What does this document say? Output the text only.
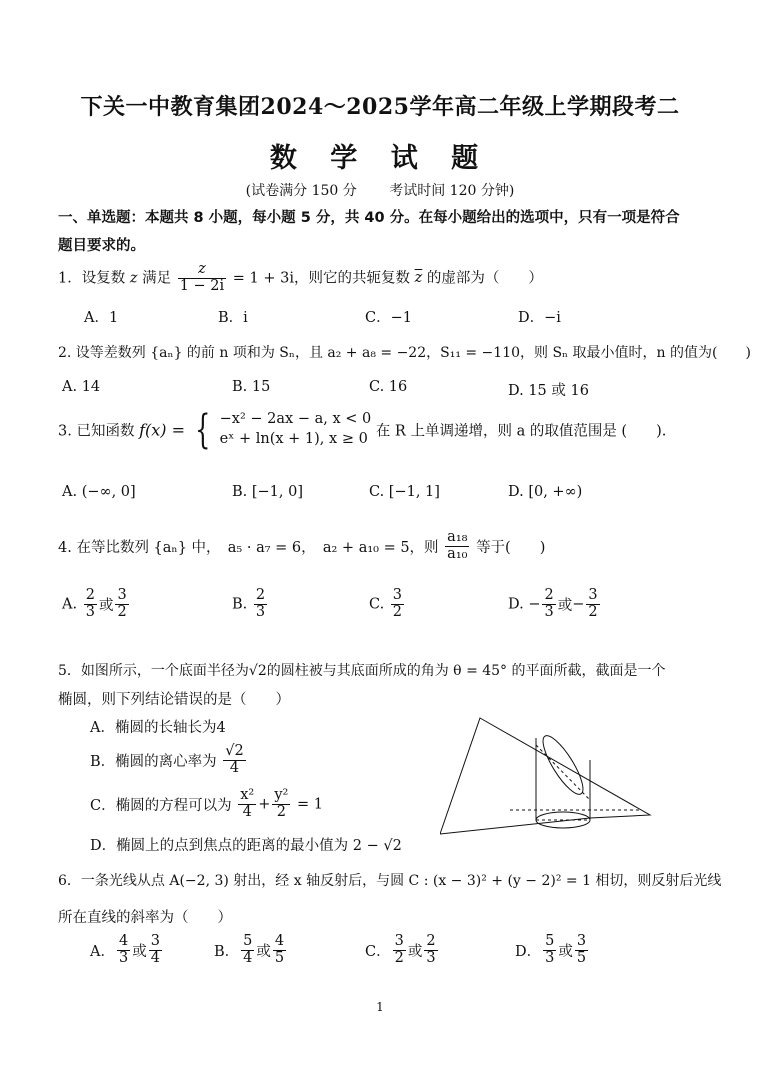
下关一中教育集团2024～2025学年高二年级上学期段考二
数 学 试 题
(试卷满分 150 分 考试时间 120 分钟)
一、单选题：本题共 8 小题，每小题 5 分，共 40 分。在每小题给出的选项中，只有一项是符合
题目要求的。
1．设复数 z 满足 $\frac{z}{1 - 2i} = 1 + 3i$，则它的共轭复数 $\overline{z}$ 的虚部为（　　）
A．1	B．i	C．−1	D．−i
2. 设等差数列 {aₙ} 的前 n 项和为 Sₙ，且 a₂ + a₈ = −22，S₁₁ = −110，则 Sₙ 取最小值时，n 的值为(　　)
A. 14	B. 15	C. 16	D. 15 或 16
3. 已知函数 f(x) = { −x² − 2ax − a, x < 0
eˣ + ln(x + 1), x ≥ 0 在 R 上单调递增，则 a 的取值范围是 (　　).
A. (−∞, 0]	B. [−1, 0]	C. [−1, 1]	D. [0, +∞)
4. 在等比数列 {aₙ} 中，　a₅ · a₇ = 6，　a₂ + a₁₀ = 5，则 $\frac{\text{a₁₈}}{\text{a₁₀}}$ 等于(　　)
A. $\frac{2}{3}$ 或 $\frac{3}{2}$	B. $\frac{2}{3}$	C. $\frac{3}{2}$	D. − $\frac{2}{3}$ 或− $\frac{3}{2}$
5．如图所示，一个底面半径为√2的圆柱被与其底面所成的角为 θ = 45° 的平面所截，截面是一个
椭圆，则下列结论错误的是（　　）
A．椭圆的长轴长为4
B．椭圆的离心率为 $\frac{√2}{4}$
C．椭圆的方程可以为 $\frac{\text{x²}}{4} + \frac{\text{y²}}{2} = 1$
D．椭圆上的点到焦点的距离的最小值为 2 − √2
6．一条光线从点 A(−2, 3) 射出，经 x 轴反射后，与圆 C : (x − 3)² + (y − 2)² = 1 相切，则反射后光线
所在直线的斜率为（　　）
A． $\frac{4}{3}$ 或 $\frac{3}{4}$	B． $\frac{5}{4}$ 或 $\frac{4}{5}$	C． $\frac{3}{2}$ 或 $\frac{2}{3}$	D． $\frac{5}{3}$ 或 $\frac{3}{5}$
1
